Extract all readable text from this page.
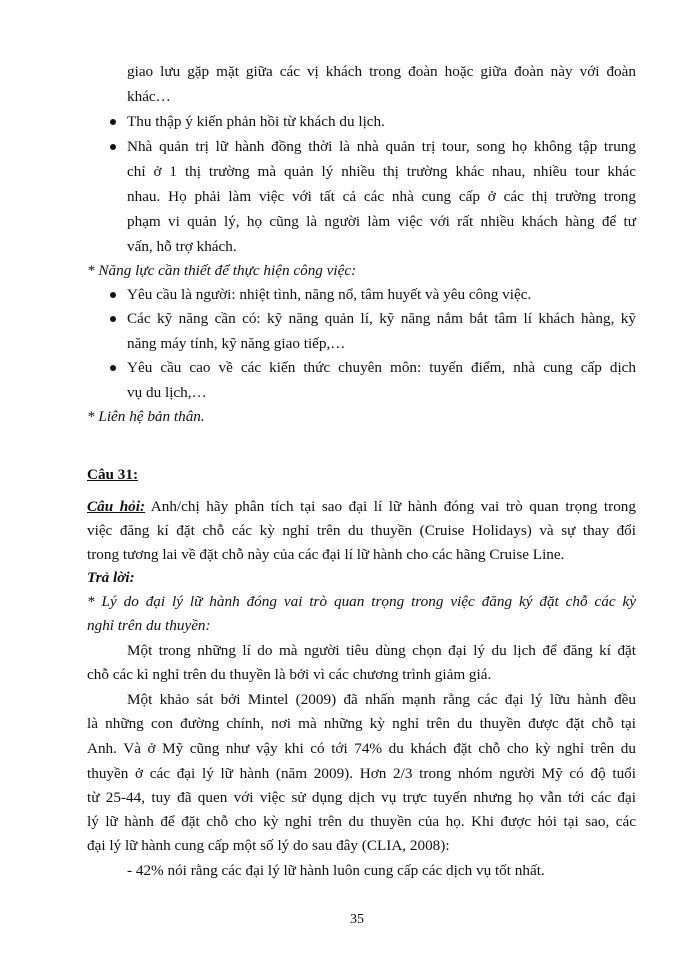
giao lưu gặp mặt giữa các vị khách trong đoàn hoặc giữa đoàn này với đoàn
khác…
Thu thập ý kiến phản hồi từ khách du lịch.
Nhà quản trị lữ hành đồng thời là nhà quản trị tour, song họ không tập trung
chỉ ở 1 thị trường mà quản lý nhiều thị trường khác nhau, nhiều tour khác
nhau. Họ phải làm việc với tất cả các nhà cung cấp ở các thị trường trong
phạm vi quản lý, họ cũng là người làm việc với rất nhiều khách hàng để tư
vấn, hỗ trợ khách.
* Năng lực cần thiết để thực hiện công việc:
Yêu cầu là người: nhiệt tình, năng nổ, tâm huyết và yêu công việc.
Các kỹ năng cần có: kỹ năng quản lí, kỹ năng nắm bắt tâm lí khách hàng, kỹ
năng máy tính, kỹ năng giao tiếp,…
Yêu cầu cao về các kiến thức chuyên môn: tuyến điểm, nhà cung cấp dịch
vụ du lịch,…
* Liên hệ bản thân.
Câu 31:
Câu hỏi: Anh/chị hãy phân tích tại sao đại lí lữ hành đóng vai trò quan trọng trong
việc đăng kí đặt chỗ các kỳ nghỉ trên du thuyền (Cruise Holidays) và sự thay đổi
trong tương lai về đặt chỗ này của các đại lí lữ hành cho các hãng Cruise Line.
Trả lời:
* Lý do đại lý lữ hành đóng vai trò quan trọng trong việc đăng ký đặt chỗ các kỳ
nghỉ trên du thuyền:
Một trong những lí do mà người tiêu dùng chọn đại lý du lịch để đăng kí đặt
chỗ các kì nghỉ trên du thuyền là bởi vì các chương trình giảm giá.
Một khảo sát bởi Mintel (2009) đã nhấn mạnh rằng các đại lý lữu hành đều
là những con đường chính, nơi mà những kỳ nghỉ trên du thuyền được đặt chỗ tại
Anh. Và ở Mỹ cũng như vậy khi có tới 74% du khách đặt chỗ cho kỳ nghỉ trên du
thuyền ở các đại lý lữ hành (năm 2009). Hơn 2/3 trong nhóm người Mỹ có độ tuổi
từ 25-44, tuy đã quen với việc sử dụng dịch vụ trực tuyến nhưng họ vẫn tới các đại
lý lữ hành để đặt chỗ cho kỳ nghỉ trên du thuyền của họ. Khi được hỏi tại sao, các
đại lý lữ hành cung cấp một số lý do sau đây (CLIA, 2008):
- 42% nói rằng các đại lý lữ hành luôn cung cấp các dịch vụ tốt nhất.
35
